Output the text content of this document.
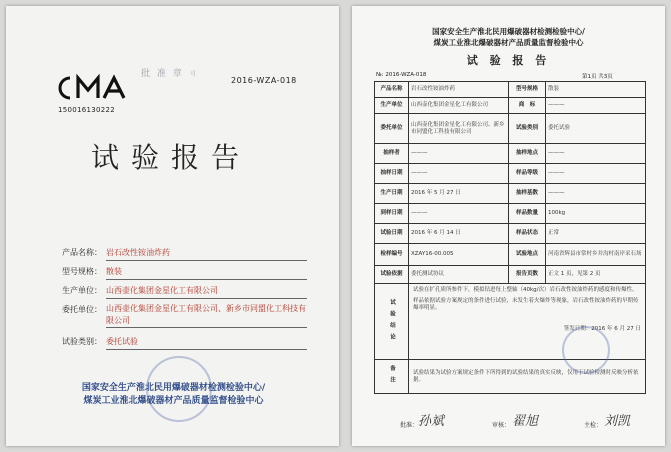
批 准 章 ㄐ
150016130222
2016-WZA-018
试验报告
产品名称： 岩石改性铵油炸药
型号规格： 散装
生产单位： 山西壶化集团金星化工有限公司
委托单位： 山西壶化集团金星化工有限公司、新乡市同盟化工科技有限公司
试验类别： 委托试验
国家安全生产淮北民用爆破器材检测检验中心/
煤炭工业淮北爆破器材产品质量监督检验中心
国家安全生产淮北民用爆破器材检测检验中心/
煤炭工业淮北爆破器材产品质量监督检验中心
试 验 报 告
№: 2016-WZA-018	第1页 共3页
产品名称	岩石改性铵油炸药	型号规格	散装
生产单位	山西壶化集团金星化工有限公司	商　标	———
委托单位	山西壶化集团金星化工有限公司、新乡市同盟化工科技有限公司	试验类别	委托试验
抽样者	———	抽样地点	———
抽样日期	———	样品等级	———
生产日期	2016 年 5 月 27 日	抽样基数	———
到样日期	———	样品数量	100kg
试验日期	2016 年 6 月 14 日	样品状态	正常
检样编号	XZAY16-00.005	试验地点	河南省辉县市常村乡并沟村南岸采石场
试验依据	委托测试协议	报告页数	正文 1 页，见第 2 页

试验结论	试验在扩孔质所参件下，模拟钻进每上整轴（40kg/次）岩石改性铵油炸药的感度和传爆性。
样品依据试验方案规定的条件进行试验，未发生着火爆炸等现象，岩石改性铵油炸药的早期传爆率明显。
签发日期：2016 年 6 月 27 日		

备注	试验结果为试验方案规定条件下所得到的试验结果的真实反映，仅用于试验检测时反映分析依据。		
批准： 孙斌	审核： 翟旭	主检： 刘凯
